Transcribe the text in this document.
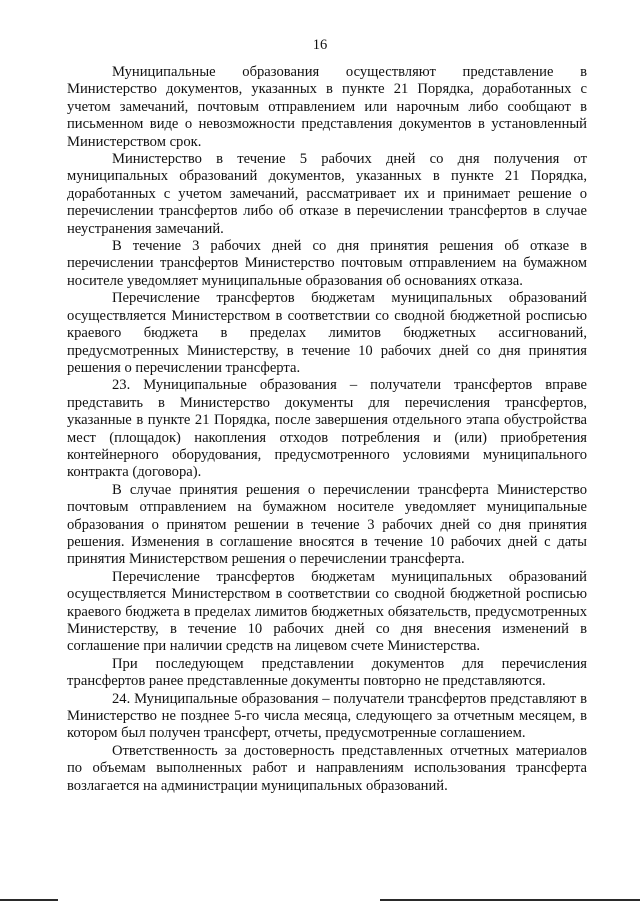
16

Муниципальные образования осуществляют представление в Министерство документов, указанных в пункте 21 Порядка, доработанных с учетом замечаний, почтовым отправлением или нарочным либо сообщают в письменном виде о невозможности представления документов в установленный Министерством срок.

Министерство в течение 5 рабочих дней со дня получения от муниципальных образований документов, указанных в пункте 21 Порядка, доработанных с учетом замечаний, рассматривает их и принимает решение о перечислении трансфертов либо об отказе в перечислении трансфертов в случае неустранения замечаний.

В течение 3 рабочих дней со дня принятия решения об отказе в перечислении трансфертов Министерство почтовым отправлением на бумажном носителе уведомляет муниципальные образования об основаниях отказа.

Перечисление трансфертов бюджетам муниципальных образований осуществляется Министерством в соответствии со сводной бюджетной росписью краевого бюджета в пределах лимитов бюджетных ассигнований, предусмотренных Министерству, в течение 10 рабочих дней со дня принятия решения о перечислении трансферта.

23. Муниципальные образования – получатели трансфертов вправе представить в Министерство документы для перечисления трансфертов, указанные в пункте 21 Порядка, после завершения отдельного этапа обустройства мест (площадок) накопления отходов потребления и (или) приобретения контейнерного оборудования, предусмотренного условиями муниципального контракта (договора).

В случае принятия решения о перечислении трансферта Министерство почтовым отправлением на бумажном носителе уведомляет муниципальные образования о принятом решении в течение 3 рабочих дней со дня принятия решения. Изменения в соглашение вносятся в течение 10 рабочих дней с даты принятия Министерством решения о перечислении трансферта.

Перечисление трансфертов бюджетам муниципальных образований осуществляется Министерством в соответствии со сводной бюджетной росписью краевого бюджета в пределах лимитов бюджетных обязательств, предусмотренных Министерству, в течение 10 рабочих дней со дня внесения изменений в соглашение при наличии средств на лицевом счете Министерства.

При последующем представлении документов для перечисления трансфертов ранее представленные документы повторно не представляются.

24. Муниципальные образования – получатели трансфертов представляют в Министерство не позднее 5-го числа месяца, следующего за отчетным месяцем, в котором был получен трансферт, отчеты, предусмотренные соглашением.

Ответственность за достоверность представленных отчетных материалов по объемам выполненных работ и направлениям использования трансферта возлагается на администрации муниципальных образований.
